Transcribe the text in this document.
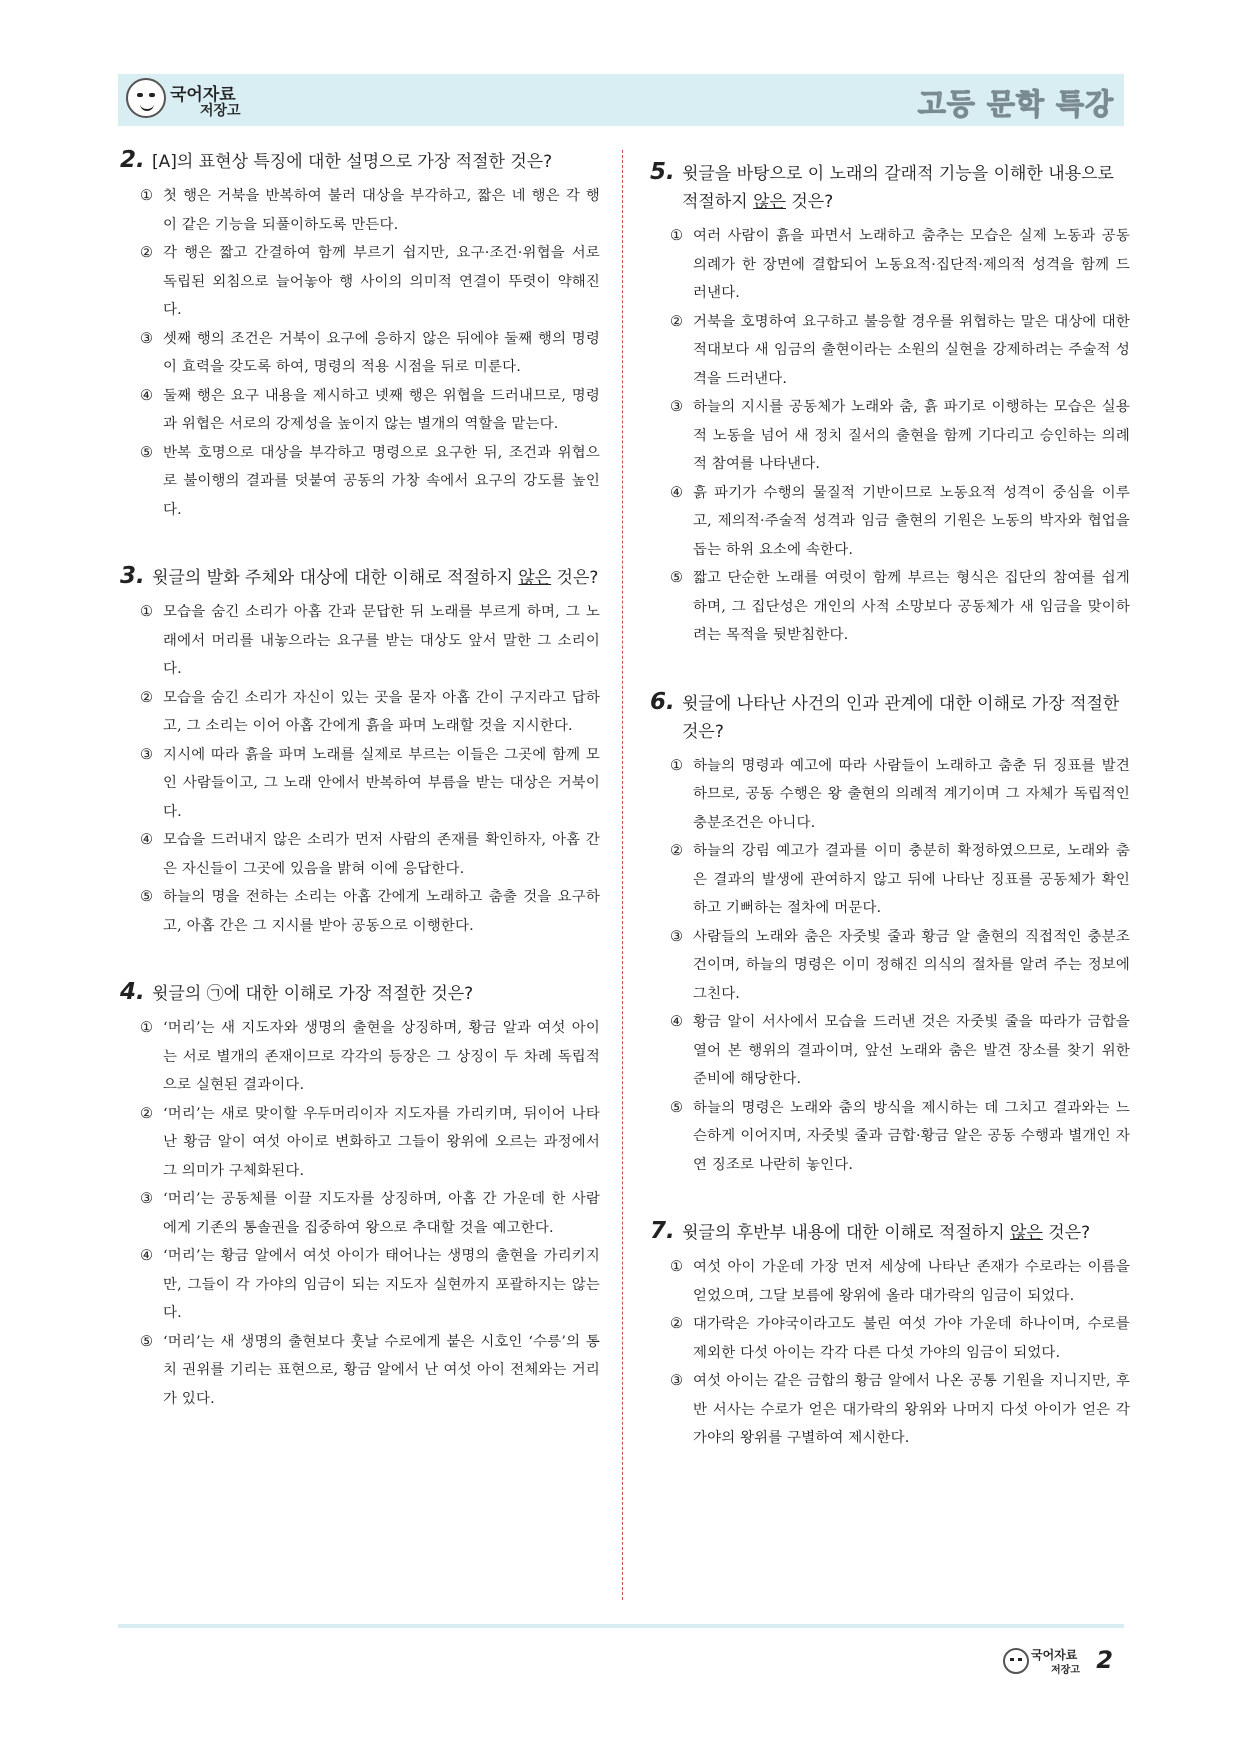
국어자료
저장고	고등 문학 특강
2. [A]의 표현상 특징에 대한 설명으로 가장 적절한 것은?
① 첫 행은 거북을 반복하여 불러 대상을 부각하고, 짧은 네 행은 각 행이 같은 기능을 되풀이하도록 만든다.
② 각 행은 짧고 간결하여 함께 부르기 쉽지만, 요구·조건·위협을 서로 독립된 외침으로 늘어놓아 행 사이의 의미적 연결이 뚜렷이 약해진다.
③ 셋째 행의 조건은 거북이 요구에 응하지 않은 뒤에야 둘째 행의 명령이 효력을 갖도록 하여, 명령의 적용 시점을 뒤로 미룬다.
④ 둘째 행은 요구 내용을 제시하고 넷째 행은 위협을 드러내므로, 명령과 위협은 서로의 강제성을 높이지 않는 별개의 역할을 맡는다.
⑤ 반복 호명으로 대상을 부각하고 명령으로 요구한 뒤, 조건과 위협으로 불이행의 결과를 덧붙여 공동의 가창 속에서 요구의 강도를 높인다.
3. 윗글의 발화 주체와 대상에 대한 이해로 적절하지 않은 것은?
① 모습을 숨긴 소리가 아홉 간과 문답한 뒤 노래를 부르게 하며, 그 노래에서 머리를 내놓으라는 요구를 받는 대상도 앞서 말한 그 소리이다.
② 모습을 숨긴 소리가 자신이 있는 곳을 묻자 아홉 간이 구지라고 답하고, 그 소리는 이어 아홉 간에게 흙을 파며 노래할 것을 지시한다.
③ 지시에 따라 흙을 파며 노래를 실제로 부르는 이들은 그곳에 함께 모인 사람들이고, 그 노래 안에서 반복하여 부름을 받는 대상은 거북이다.
④ 모습을 드러내지 않은 소리가 먼저 사람의 존재를 확인하자, 아홉 간은 자신들이 그곳에 있음을 밝혀 이에 응답한다.
⑤ 하늘의 명을 전하는 소리는 아홉 간에게 노래하고 춤출 것을 요구하고, 아홉 간은 그 지시를 받아 공동으로 이행한다.
4. 윗글의 ㉠에 대한 이해로 가장 적절한 것은?
① ‘머리’는 새 지도자와 생명의 출현을 상징하며, 황금 알과 여섯 아이는 서로 별개의 존재이므로 각각의 등장은 그 상징이 두 차례 독립적으로 실현된 결과이다.
② ‘머리’는 새로 맞이할 우두머리이자 지도자를 가리키며, 뒤이어 나타난 황금 알이 여섯 아이로 변화하고 그들이 왕위에 오르는 과정에서 그 의미가 구체화된다.
③ ‘머리’는 공동체를 이끌 지도자를 상징하며, 아홉 간 가운데 한 사람에게 기존의 통솔권을 집중하여 왕으로 추대할 것을 예고한다.
④ ‘머리’는 황금 알에서 여섯 아이가 태어나는 생명의 출현을 가리키지만, 그들이 각 가야의 임금이 되는 지도자 실현까지 포괄하지는 않는다.
⑤ ‘머리’는 새 생명의 출현보다 훗날 수로에게 붙은 시호인 ‘수릉’의 통치 권위를 기리는 표현으로, 황금 알에서 난 여섯 아이 전체와는 거리가 있다.
5. 윗글을 바탕으로 이 노래의 갈래적 기능을 이해한 내용으로 적절하지 않은 것은?
① 여러 사람이 흙을 파면서 노래하고 춤추는 모습은 실제 노동과 공동 의례가 한 장면에 결합되어 노동요적·집단적·제의적 성격을 함께 드러낸다.
② 거북을 호명하여 요구하고 불응할 경우를 위협하는 말은 대상에 대한 적대보다 새 임금의 출현이라는 소원의 실현을 강제하려는 주술적 성격을 드러낸다.
③ 하늘의 지시를 공동체가 노래와 춤, 흙 파기로 이행하는 모습은 실용적 노동을 넘어 새 정치 질서의 출현을 함께 기다리고 승인하는 의례적 참여를 나타낸다.
④ 흙 파기가 수행의 물질적 기반이므로 노동요적 성격이 중심을 이루고, 제의적·주술적 성격과 임금 출현의 기원은 노동의 박자와 협업을 돕는 하위 요소에 속한다.
⑤ 짧고 단순한 노래를 여럿이 함께 부르는 형식은 집단의 참여를 쉽게 하며, 그 집단성은 개인의 사적 소망보다 공동체가 새 임금을 맞이하려는 목적을 뒷받침한다.
6. 윗글에 나타난 사건의 인과 관계에 대한 이해로 가장 적절한 것은?
① 하늘의 명령과 예고에 따라 사람들이 노래하고 춤춘 뒤 징표를 발견하므로, 공동 수행은 왕 출현의 의례적 계기이며 그 자체가 독립적인 충분조건은 아니다.
② 하늘의 강림 예고가 결과를 이미 충분히 확정하였으므로, 노래와 춤은 결과의 발생에 관여하지 않고 뒤에 나타난 징표를 공동체가 확인하고 기뻐하는 절차에 머문다.
③ 사람들의 노래와 춤은 자줏빛 줄과 황금 알 출현의 직접적인 충분조건이며, 하늘의 명령은 이미 정해진 의식의 절차를 알려 주는 정보에 그친다.
④ 황금 알이 서사에서 모습을 드러낸 것은 자줏빛 줄을 따라가 금합을 열어 본 행위의 결과이며, 앞선 노래와 춤은 발견 장소를 찾기 위한 준비에 해당한다.
⑤ 하늘의 명령은 노래와 춤의 방식을 제시하는 데 그치고 결과와는 느슨하게 이어지며, 자줏빛 줄과 금합·황금 알은 공동 수행과 별개인 자연 징조로 나란히 놓인다.
7. 윗글의 후반부 내용에 대한 이해로 적절하지 않은 것은?
① 여섯 아이 가운데 가장 먼저 세상에 나타난 존재가 수로라는 이름을 얻었으며, 그달 보름에 왕위에 올라 대가락의 임금이 되었다.
② 대가락은 가야국이라고도 불린 여섯 가야 가운데 하나이며, 수로를 제외한 다섯 아이는 각각 다른 다섯 가야의 임금이 되었다.
③ 여섯 아이는 같은 금합의 황금 알에서 나온 공통 기원을 지니지만, 후반 서사는 수로가 얻은 대가락의 왕위와 나머지 다섯 아이가 얻은 각 가야의 왕위를 구별하여 제시한다.
국어자료
저장고 2
